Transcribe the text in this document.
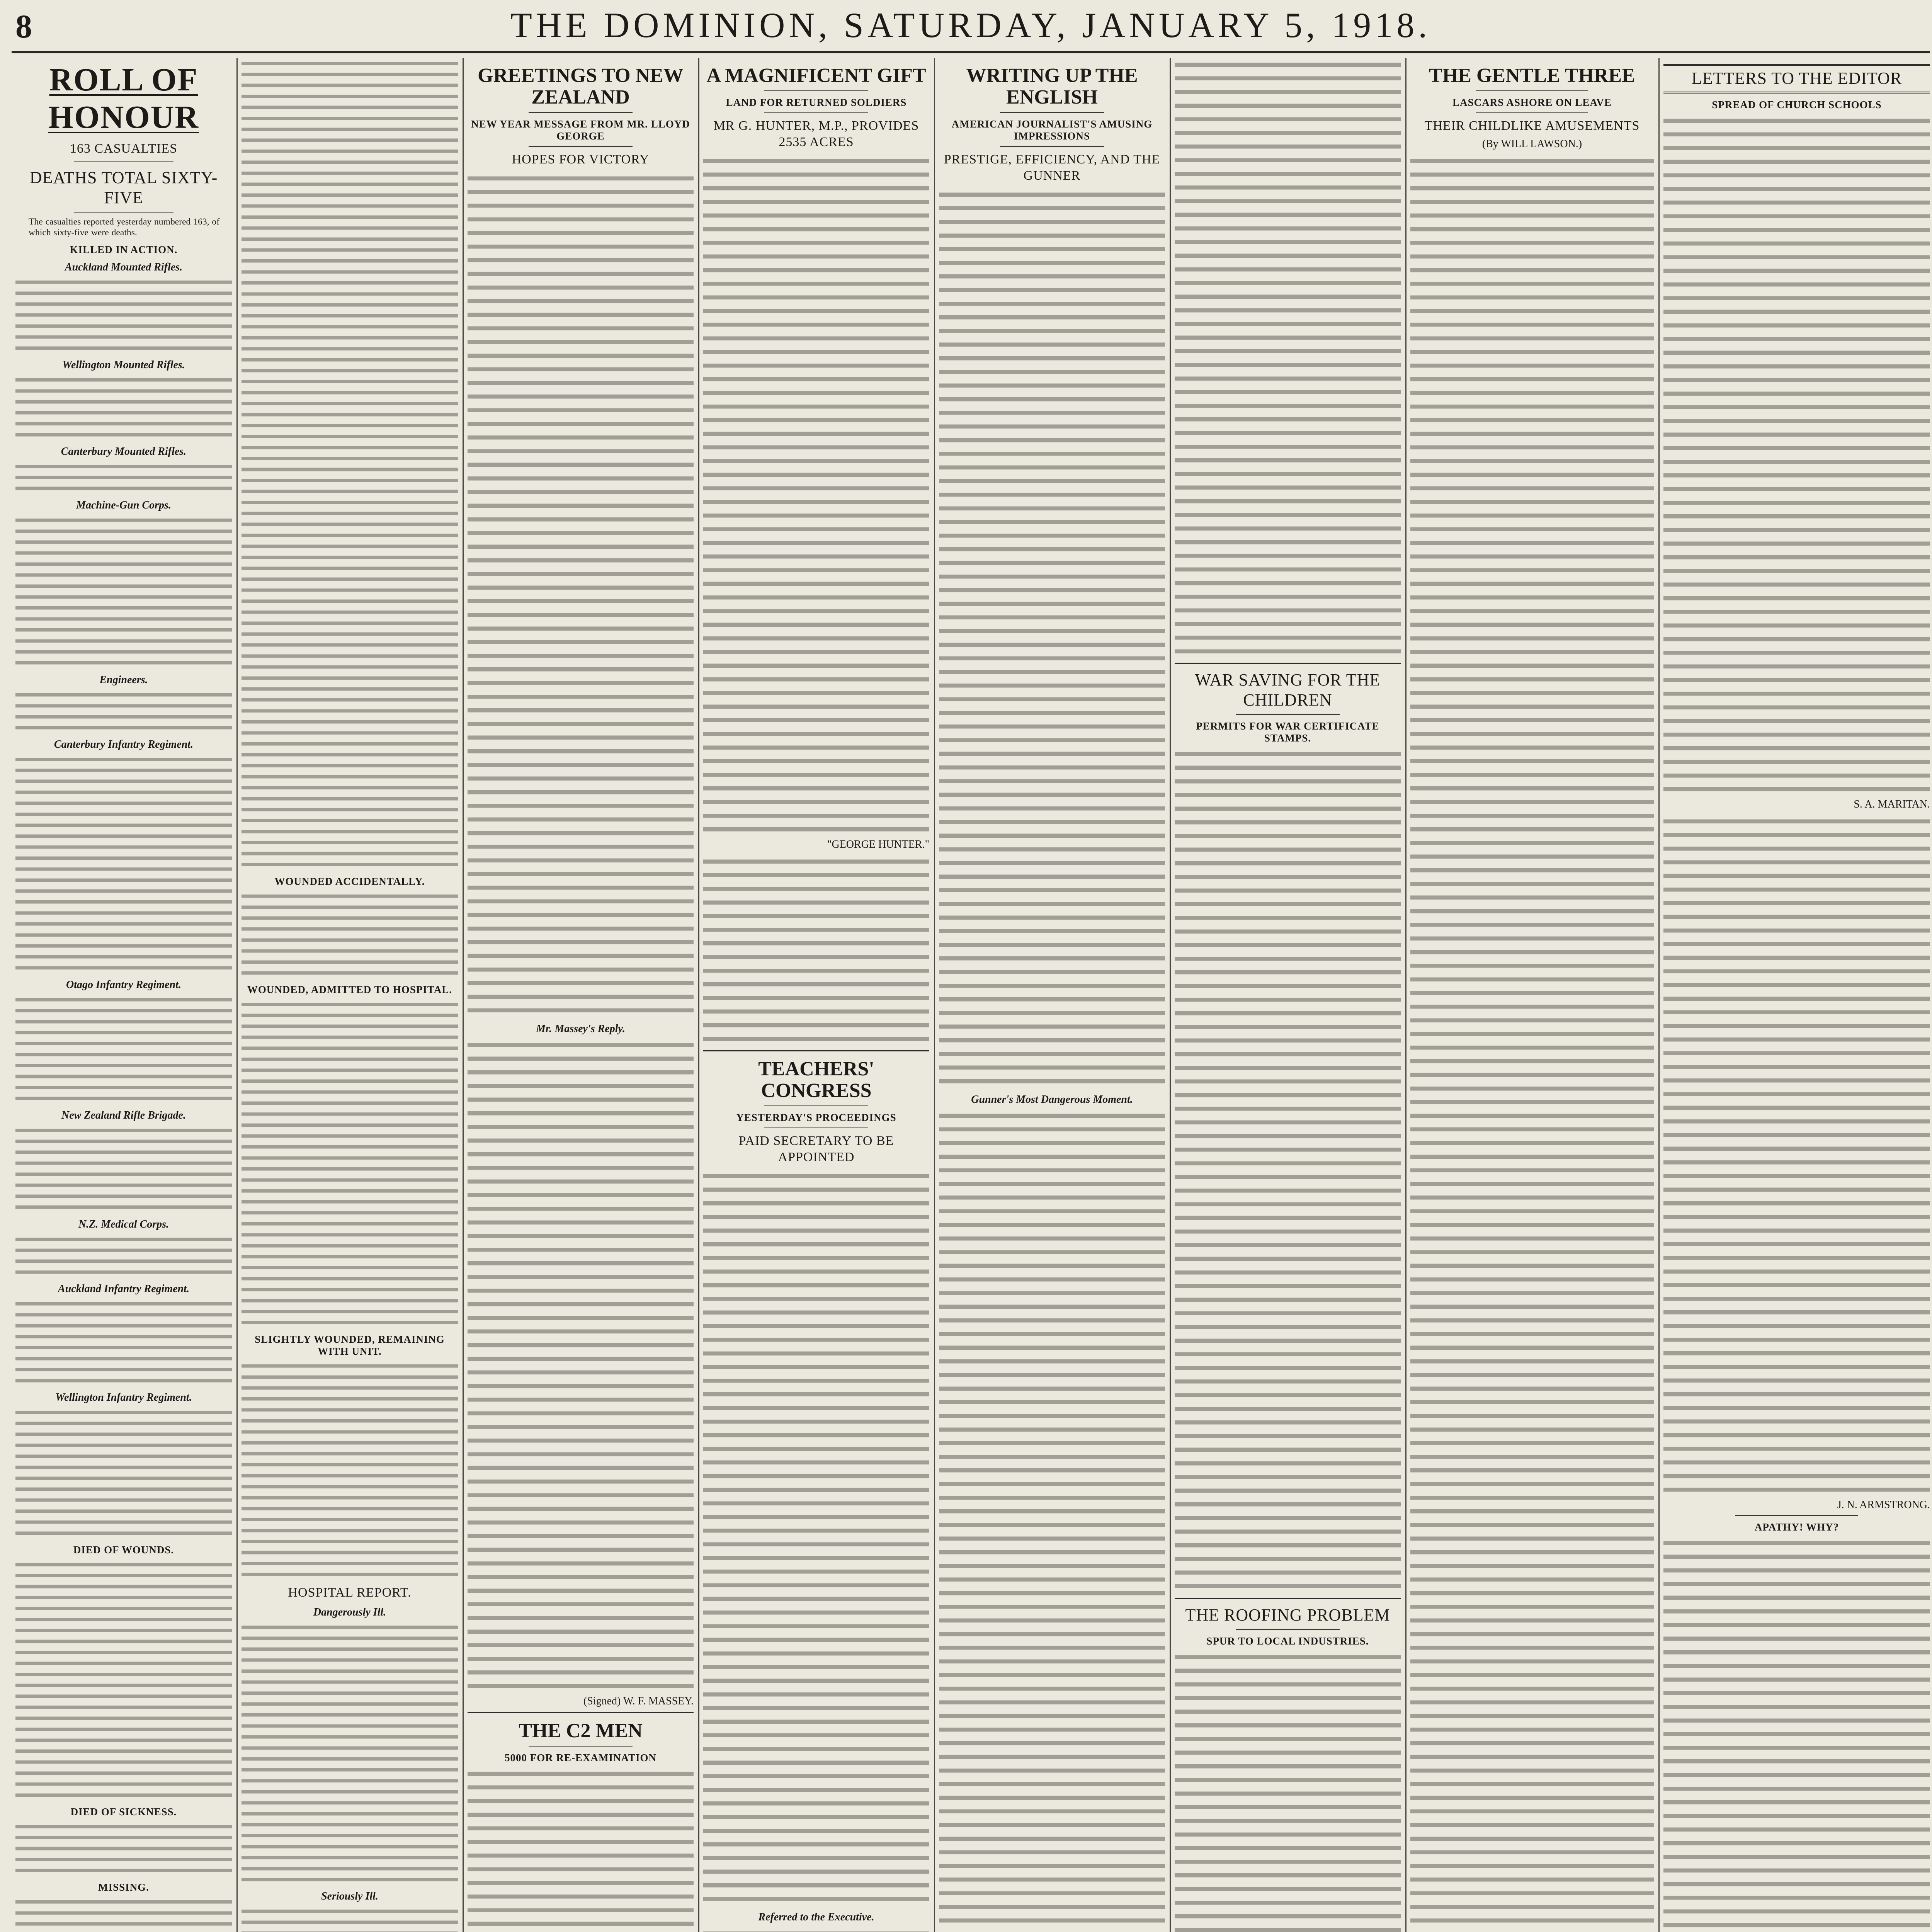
8	THE DOMINION, SATURDAY, JANUARY 5, 1918.
ROLL OF HONOUR
163 CASUALTIES
DEATHS TOTAL SIXTY-FIVE
The casualties reported yesterday numbered 163, of which sixty-five were deaths.
KILLED IN ACTION.
Auckland Mounted Rifles.
Wellington Mounted Rifles.
Canterbury Mounted Rifles.
Machine-Gun Corps.
Engineers.
Canterbury Infantry Regiment.
Otago Infantry Regiment.
New Zealand Rifle Brigade.
N.Z. Medical Corps.
Auckland Infantry Regiment.
Wellington Infantry Regiment.
DIED OF WOUNDS.
DIED OF SICKNESS.
MISSING.
WOUNDED ACCIDENTALLY.
WOUNDED, ADMITTED TO HOSPITAL.
SLIGHTLY WOUNDED, REMAINING WITH UNIT.
HOSPITAL REPORT.
Dangerously Ill.
Seriously Ill.
GREETINGS TO NEW ZEALAND
NEW YEAR MESSAGE FROM MR. LLOYD GEORGE
HOPES FOR VICTORY
Mr. Massey's Reply.
(Signed) W. F. MASSEY.
THE C2 MEN
5000 FOR RE-EXAMINATION
A MAGNIFICENT GIFT
LAND FOR RETURNED SOLDIERS
MR G. HUNTER, M.P., PROVIDES 2535 ACRES
"GEORGE HUNTER."
TEACHERS' CONGRESS
YESTERDAY'S PROCEEDINGS
PAID SECRETARY TO BE APPOINTED
Referred to the Executive.
WRITING UP THE ENGLISH
AMERICAN JOURNALIST'S AMUSING IMPRESSIONS
PRESTIGE, EFFICIENCY, AND THE GUNNER
Gunner's Most Dangerous Moment.
WAR SAVING FOR THE CHILDREN
PERMITS FOR WAR CERTIFICATE STAMPS.
THE ROOFING PROBLEM
SPUR TO LOCAL INDUSTRIES.
THE GENTLE THREE
LASCARS ASHORE ON LEAVE
THEIR CHILDLIKE AMUSEMENTS
(By WILL LAWSON.)
LETTERS TO THE EDITOR
SPREAD OF CHURCH SCHOOLS
S. A. MARITAN.
J. N. ARMSTRONG.
APATHY! WHY?
